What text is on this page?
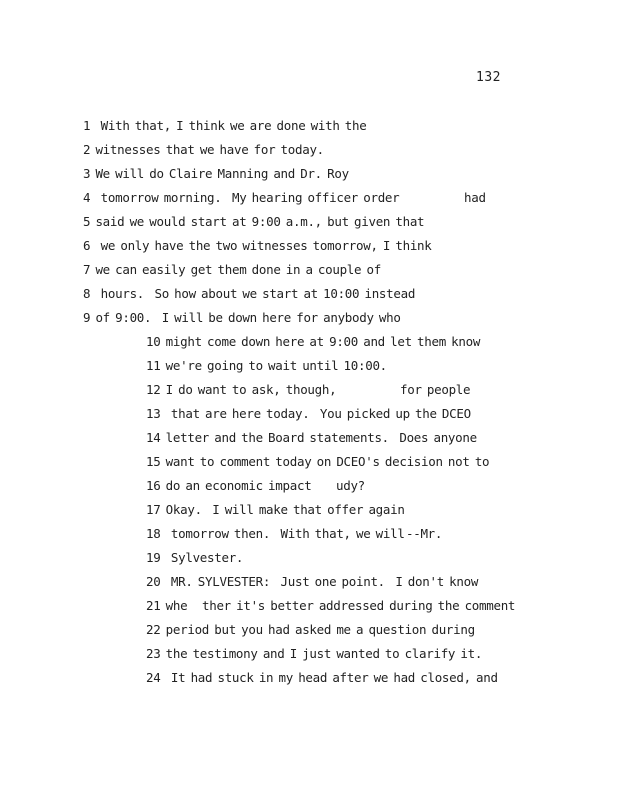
132
1  With that, I think we are done with the
2 witnesses that we have for today.
3 We will do Claire Manning and Dr. Roy
4  tomorrow morning.  My hearing officer order	had
5 said we would start at 9:00 a.m., but given that
6  we only have the two witnesses tomorrow, I think
7 we can easily get them done in a couple of
8  hours.  So how about we start at 10:00 instead
9 of 9:00.  I will be down here for anybody who
10 might come down here at 9:00 and let them know
11 we're going to wait until 10:00.
12 I do want to ask, though,	for people
13  that are here today.  You picked up the DCEO
14 letter and the Board statements.  Does anyone
15 want to comment today on DCEO's decision not to
16 do an economic impact udy?
17 Okay.  I will make that offer again
18  tomorrow then.  With that, we will --Mr.
19  Sylvester.
20  MR. SYLVESTER:  Just one point.  I don't know
21 whe ther it's better addressed during the comment
22 period but you had asked me a question during
23 the testimony and I just wanted to clarify it.
24  It had stuck in my head after we had closed, and
